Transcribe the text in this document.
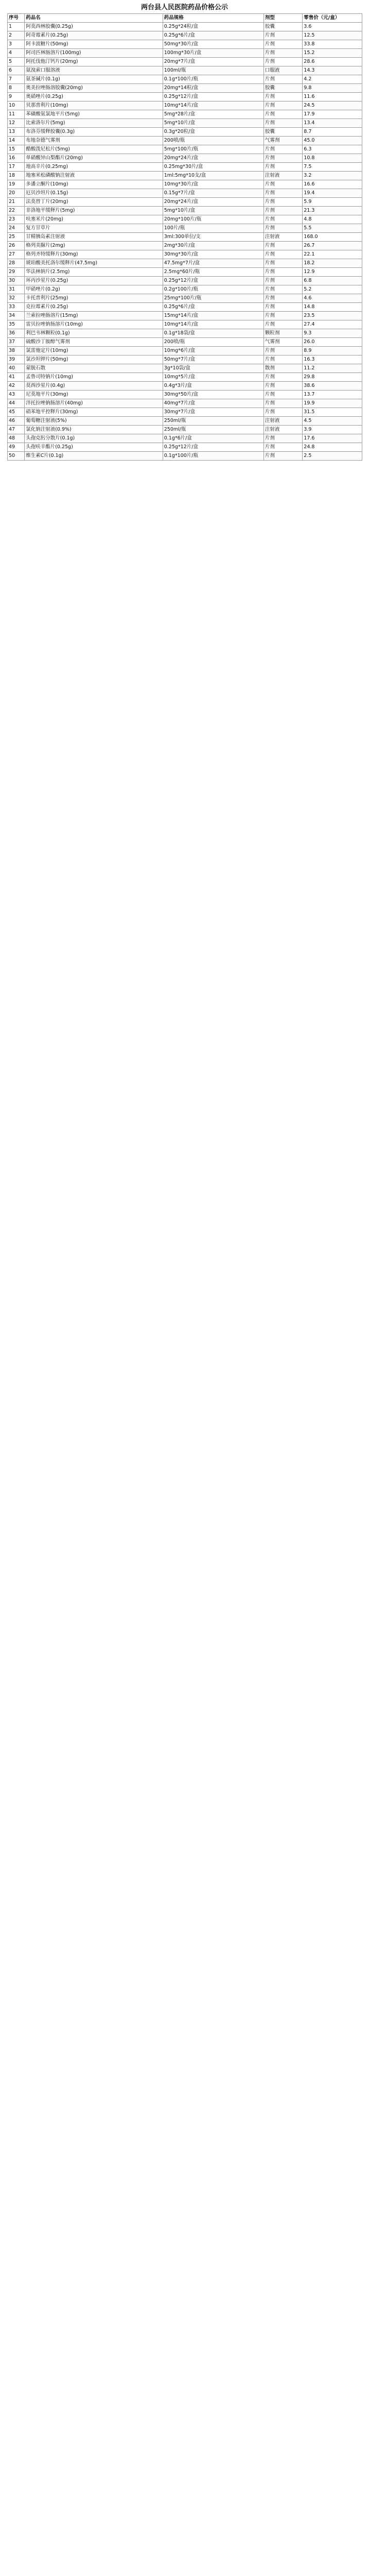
两台县人民医院药品价格公示
序号	药品名	药品规格	剂型	零售价（元/盒）
1	阿莫西林胶囊(0.25g)	0.25g*24粒/盒	胶囊	3.6
2	阿奇霉素片(0.25g)	0.25g*6片/盒	片剂	12.5
3	阿卡波糖片(50mg)	50mg*30片/盒	片剂	33.8
4	阿司匹林肠溶片(100mg)	100mg*30片/盒	片剂	15.2
5	阿托伐他汀钙片(20mg)	20mg*7片/盒	片剂	28.6
6	氨溴索口服溶液	100ml/瓶	口服液	14.3
7	氨茶碱片(0.1g)	0.1g*100片/瓶	片剂	4.2
8	奥美拉唑肠溶胶囊(20mg)	20mg*14粒/盒	胶囊	9.8
9	奥硝唑片(0.25g)	0.25g*12片/盒	片剂	11.6
10	贝那普利片(10mg)	10mg*14片/盒	片剂	24.5
11	苯磺酸氨氯地平片(5mg)	5mg*28片/盒	片剂	17.9
12	比索洛尔片(5mg)	5mg*10片/盒	片剂	13.4
13	布洛芬缓释胶囊(0.3g)	0.3g*20粒/盒	胶囊	8.7
14	布地奈德气雾剂	200喷/瓶	气雾剂	45.0
15	醋酸泼尼松片(5mg)	5mg*100片/瓶	片剂	6.3
16	单硝酸异山梨酯片(20mg)	20mg*24片/盒	片剂	10.8
17	地高辛片(0.25mg)	0.25mg*30片/盒	片剂	7.5
18	地塞米松磷酸钠注射液	1ml:5mg*10支/盒	注射液	3.2
19	多潘立酮片(10mg)	10mg*30片/盒	片剂	16.6
20	厄贝沙坦片(0.15g)	0.15g*7片/盒	片剂	19.4
21	法莫替丁片(20mg)	20mg*24片/盒	片剂	5.9
22	非洛地平缓释片(5mg)	5mg*10片/盒	片剂	21.3
23	呋塞米片(20mg)	20mg*100片/瓶	片剂	4.8
24	复方甘草片	100片/瓶	片剂	5.5
25	甘精胰岛素注射液	3ml:300单位/支	注射液	168.0
26	格列美脲片(2mg)	2mg*30片/盒	片剂	26.7
27	格列齐特缓释片(30mg)	30mg*30片/盒	片剂	22.1
28	琥珀酸美托洛尔缓释片(47.5mg)	47.5mg*7片/盒	片剂	18.2
29	华法林钠片(2.5mg)	2.5mg*60片/瓶	片剂	12.9
30	环丙沙星片(0.25g)	0.25g*12片/盒	片剂	6.8
31	甲硝唑片(0.2g)	0.2g*100片/瓶	片剂	5.2
32	卡托普利片(25mg)	25mg*100片/瓶	片剂	4.6
33	克拉霉素片(0.25g)	0.25g*6片/盒	片剂	14.8
34	兰索拉唑肠溶片(15mg)	15mg*14片/盒	片剂	23.5
35	雷贝拉唑钠肠溶片(10mg)	10mg*14片/盒	片剂	27.4
36	利巴韦林颗粒(0.1g)	0.1g*18袋/盒	颗粒剂	9.3
37	硫酸沙丁胺醇气雾剂	200喷/瓶	气雾剂	26.0
38	氯雷他定片(10mg)	10mg*6片/盒	片剂	8.9
39	氯沙坦钾片(50mg)	50mg*7片/盒	片剂	16.3
40	蒙脱石散	3g*10袋/盒	散剂	11.2
41	孟鲁司特钠片(10mg)	10mg*5片/盒	片剂	29.8
42	莫西沙星片(0.4g)	0.4g*3片/盒	片剂	38.6
43	尼莫地平片(30mg)	30mg*50片/盒	片剂	13.7
44	泮托拉唑钠肠溶片(40mg)	40mg*7片/盒	片剂	19.9
45	硝苯地平控释片(30mg)	30mg*7片/盒	片剂	31.5
46	葡萄糖注射液(5%)	250ml/瓶	注射液	4.5
47	氯化钠注射液(0.9%)	250ml/瓶	注射液	3.9
48	头孢克肟分散片(0.1g)	0.1g*6片/盒	片剂	17.6
49	头孢呋辛酯片(0.25g)	0.25g*12片/盒	片剂	24.8
50	维生素C片(0.1g)	0.1g*100片/瓶	片剂	2.5
